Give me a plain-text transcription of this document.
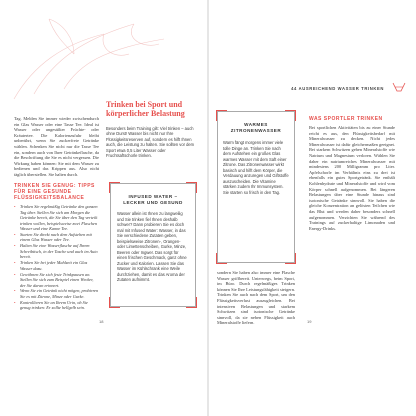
Tag. Melden Sie immer wieder zwischendurch ein Glas Wasser oder eine Tasse Tee. Ideal ist Wasser oder ungesüßter Früchte- oder Kräutertee. Die Kalorienzufuhr bleibt unberührt, wenn Sie zuckerfreie Getränke wählen. Schenken Sie nicht nur die Tasse Tee ein, sondern auch von Ihrer Getränkeflasche, da die Beschriftung die Sie es nicht vergessen. Die Wirkung haben können: Sie mit dem Wasser zu bedienen und das Krippen aus. Also nicht täglich überstellen. Sie halten durch.

TRINKEN SIE GENUG: TIPPS FÜR EINE GESUNDE FLÜSSIGKEITSBALANCE
• Trinken Sie regelmäßig Getränke den ganzen Tag über. Stellen Sie sich am Morgen die Getränke bereit, die Sie über den Tag verteilt trinken wollen, beispielsweise zwei Flaschen Wasser und eine Kanne Tee.
• Starten Sie direkt nach dem Aufstehen mit einem Glas Wasser oder Tee.
• Halten Sie eine Wasserflasche auf Ihrem Schreibtisch, in der Tasche und auch im Auto bereit.
• Trinken Sie bei jeder Mahlzeit ein Glas Wasser dazu.
• Gewöhnen Sie sich feste Trinkpausen an. Stellen Sie sich zum Beispiel einen Wecker, der Sie daran erinnert.
• Wenn Sie ein Getränk nicht mögen, probieren Sie es mit Zitrone, Minze oder Gurke.
• Kontrollieren Sie an Ihrem Urin, ob Sie genug trinken: Er sollte hellgelb sein.
Trinken bei Sport und körperlicher Belastung
Besonders beim Training gilt: Viel trinken – auch ohne Durst! Wasser bis nicht nur Ihre Flüssigkeitsreserven auf, sondern es hilft Ihnen auch, die Leistung zu halten. Sie sollten vor dem Sport etwa 0,5 Liter Wasser oder Fruchtsaftschorle trinken.
INFUSED WATER – LECKER UND GESUND
Wasser allein ist Ihnen zu langweilig und Sie trinken fiel Ihnen deshalb schwer? Dann probieren Sie es doch mal mit Infused Water: Wasser, in das Sie verschiedene Zutaten geben, beispielsweise Zitronen-, Orangen- oder Limettenscheiben, Gurke, Minze, Beeren oder Ingwer. Das sorgt für einen frischen Geschmack, ganz ohne Zucker und Kalorien. Lassen Sie das Wasser im Kühlschrank eine Weile durchziehen, damit es das Aroma der Zutaten aufnimmt.
18
44 AUSREICHEND WASSER TRINKEN
WARMES ZITRONENWASSER
Warm fängt morgens immer viele tolle Dinge an. Trinken Sie nach dem Aufstehen ein großes Glas warmes Wasser mit dem Saft einer Zitrone. Das Zitronenwasser wirkt basisch und hilft dem Körper, die Verdauung anzuregen und Giftstoffe auszuscheiden. Die Vitamine stärken zudem Ihr Immunsystem. Sie starten so frisch in den Tag.

sondern Sie haben also immer eine Flasche Wasser griffbereit. Unterwegs, beim Sport, im Büro. Durch regelmäßiges Trinken können Sie Ihre Leistungsfähigkeit steigern. Trinken Sie auch nach dem Sport, um den Flüssigkeitsverlust auszugleichen. Bei intensiven Belastungen und starkem Schwitzen sind isotonische Getränke sinnvoll, da sie neben Flüssigkeit auch Mineralstoffe liefern.

WAS SPORTLER TRINKEN
Bei sportlichen Aktivitäten bis zu einer Stunde reicht es aus, den Flüssigkeitsbedarf mit Mineralwasser zu decken. Nicht jedes Mineralwasser ist dafür gleichermaßen geeignet. Bei starkem Schwitzen gehen Mineralstoffe wie Natrium und Magnesium verloren. Wählen Sie daher ein natriumreiches Mineralwasser mit mindestens 200 Milligramm pro Liter. Apfelschorle im Verhältnis eins zu drei ist ebenfalls ein gutes Sportgetränk. Sie enthält Kohlenhydrate und Mineralstoffe und wird vom Körper schnell aufgenommen. Bei längeren Belastungen über eine Stunde hinaus sind isotonische Getränke sinnvoll. Sie haben die gleiche Konzentration an gelösten Teilchen wie das Blut und werden daher besonders schnell aufgenommen. Verzichten Sie während des Trainings auf zuckerhaltige Limonaden und Energy-Drinks.
19
